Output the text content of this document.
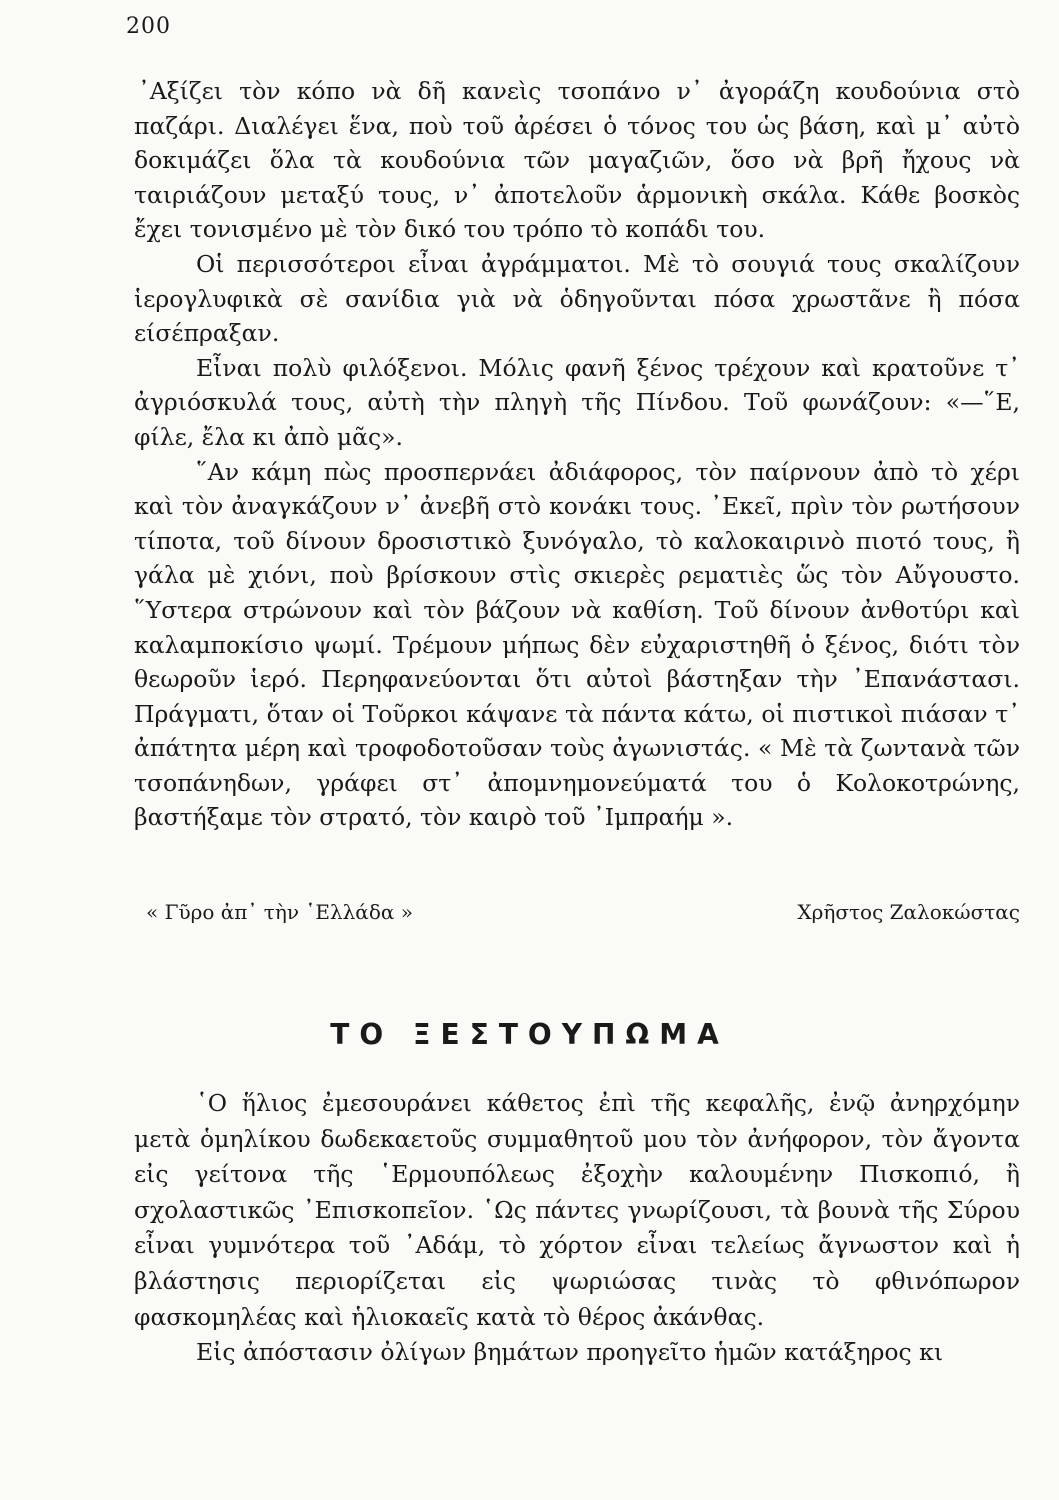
200

᾿Αξίζει τὸν κόπο νὰ δῆ κανεὶς τσοπάνο ν᾿ ἀγοράζη κουδούνια στὸ παζάρι. Διαλέγει ἕνα, ποὺ τοῦ ἀρέσει ὁ τόνος του ὡς βάση, καὶ μ᾿ αὐτὸ δοκιμάζει ὅλα τὰ κουδούνια τῶν μαγαζιῶν, ὅσο νὰ βρῆ ἤχους νὰ ταιριάζουν μεταξύ τους, ν᾿ ἀποτελοῦν ἁρμονικὴ σκάλα. Κάθε βοσκὸς ἔχει τονισμένο μὲ τὸν δικό του τρόπο τὸ κοπάδι του.

Οἱ περισσότεροι εἶναι ἀγράμματοι. Μὲ τὸ σουγιά τους σκαλίζουν ἱερογλυφικὰ σὲ σανίδια γιὰ νὰ ὁδηγοῦνται πόσα χρωστᾶνε ἢ πόσα είσέπραξαν.

Εἶναι πολὺ φιλόξενοι. Μόλις φανῆ ξένος τρέχουν καὶ κρατοῦνε τ᾿ ἀγριόσκυλά τους, αὐτὴ τὴν πληγὴ τῆς Πίνδου. Τοῦ φωνάζουν: «—῞Ε, φίλε, ἔλα κι ἀπὸ μᾶς».

῞Αν κάμη πὼς προσπερνάει ἀδιάφορος, τὸν παίρνουν ἀπὸ τὸ χέρι καὶ τὸν ἀναγκάζουν ν᾿ ἀνεβῆ στὸ κονάκι τους. ᾿Εκεῖ, πρὶν τὸν ρωτήσουν τίποτα, τοῦ δίνουν δροσιστικὸ ξυνόγαλο, τὸ καλοκαιρινὸ πιοτό τους, ἢ γάλα μὲ χιόνι, ποὺ βρίσκουν στὶς σκιερὲς ρεματιὲς ὥς τὸν Αὔγουστο. ῞Υστερα στρώνουν καὶ τὸν βάζουν νὰ καθίση. Τοῦ δίνουν ἀνθοτύρι καὶ καλαμποκίσιο ψωμί. Τρέμουν μήπως δὲν εὐχαριστηθῆ ὁ ξένος, διότι τὸν θεωροῦν ἱερό. Περηφανεύονται ὅτι αὐτοὶ βάστηξαν τὴν ᾿Επανάστασι. Πράγματι, ὅταν οἱ Τοῦρκοι κάψανε τὰ πάντα κάτω, οἱ πιστικοὶ πιάσαν τ᾿ ἀπάτητα μέρη καὶ τροφοδοτοῦσαν τοὺς ἀγωνιστάς. « Μὲ τὰ ζωντανὰ τῶν τσοπάνηδων, γράφει στ᾿ ἀπομνημονεύματά του ὁ Κολοκοτρώνης, βαστήξαμε τὸν στρατό, τὸν καιρὸ τοῦ ᾿Ιμπραήμ ».

« Γῦρο ἀπ᾿ τὴν ῾Ελλάδα »	Χρῆστος Ζαλοκώστας
ΤΟ ΞΕΣΤΟΥΠΩΜΑ

῾Ο ἥλιος ἐμεσουράνει κάθετος ἐπὶ τῆς κεφαλῆς, ἐνῷ ἀνηρχόμην μετὰ ὁμηλίκου δωδεκαετοῦς συμμαθητοῦ μου τὸν ἀνήφορον, τὸν ἄγοντα εἰς γείτονα τῆς ῾Ερμουπόλεως ἐξοχὴν καλουμένην Πισκοπιό, ἢ σχολαστικῶς ᾿Επισκοπεῖον. ῾Ως πάντες γνωρίζουσι, τὰ βουνὰ τῆς Σύρου εἶναι γυμνότερα τοῦ ᾿Αδάμ, τὸ χόρτον εἶναι τελείως ἄγνωστον καὶ ἡ βλάστησις περιορίζεται εἰς ψωριώσας τινὰς τὸ φθινόπωρον φασκομηλέας καὶ ἡλιοκαεῖς κατὰ τὸ θέρος ἀκάνθας.

Εἰς ἀπόστασιν ὀλίγων βημάτων προηγεῖτο ἡμῶν κατάξηρος κι
